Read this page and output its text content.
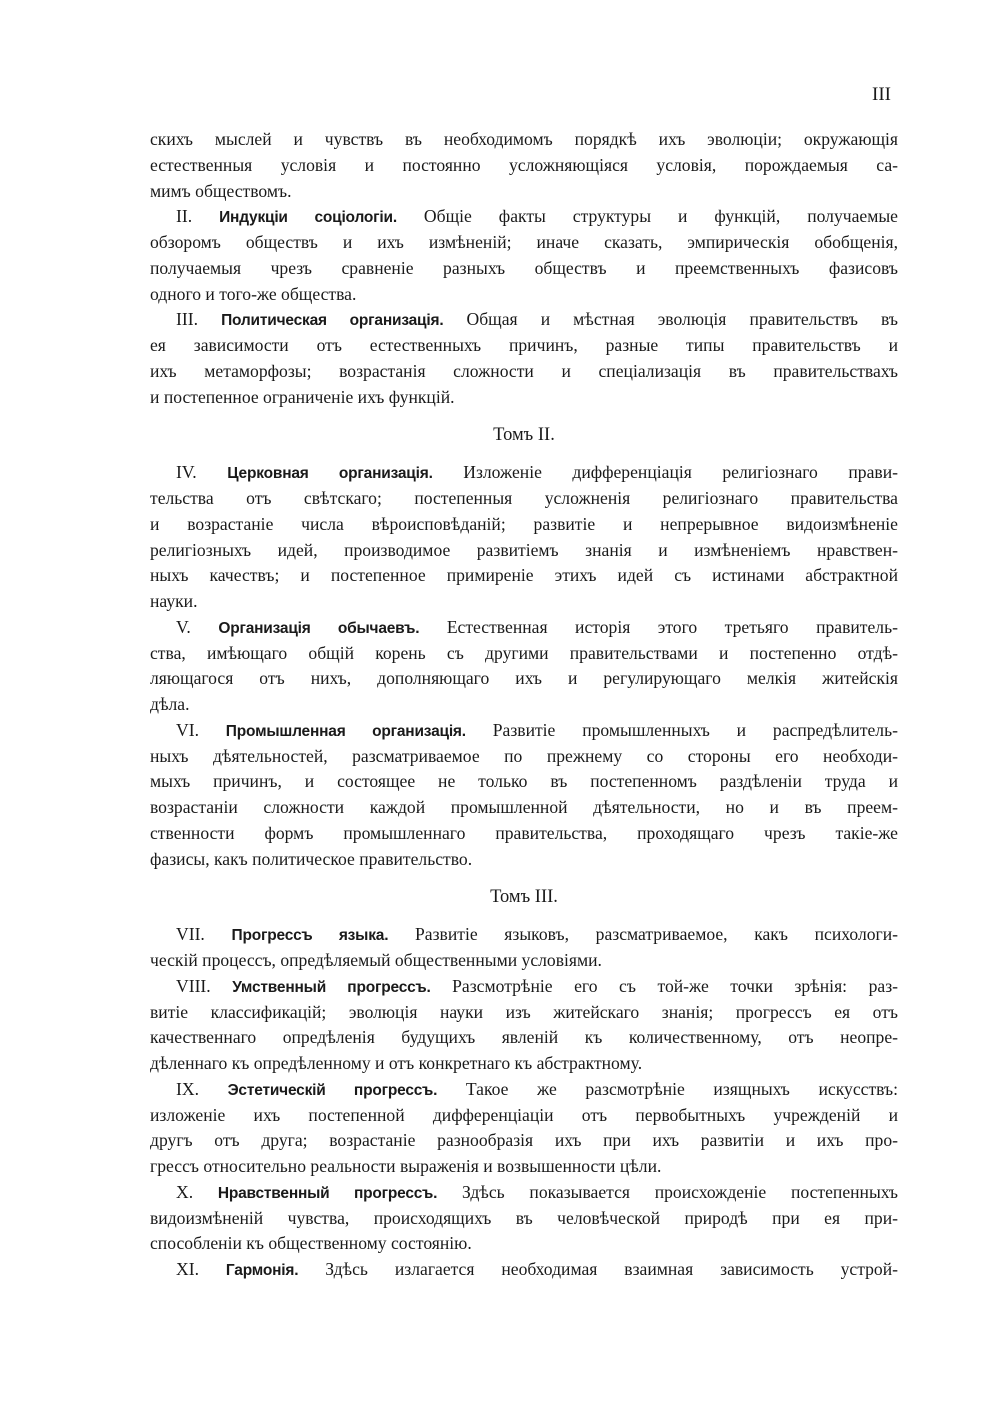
III
скихъ мыслей и чувствъ въ необходимомъ порядкѣ ихъ эволюціи; окружающія
естественныя условія и постоянно усложняющіяся условія, порождаемыя са-
мимъ обществомъ.
II. Индукціи соціологіи. Общіе факты структуры и функцій, получаемые
обзоромъ обществъ и ихъ измѣненій; иначе сказать, эмпирическія обобщенія,
получаемыя чрезъ сравненіе разныхъ обществъ и преемственныхъ фазисовъ
одного и того-же общества.
III. Политическая организація. Общая и мѣстная эволюція правительствъ въ
ея зависимости отъ естественныхъ причинъ, разные типы правительствъ и
ихъ метаморфозы; возрастанія сложности и спеціализація въ правительствахъ
и постепенное ограниченіе ихъ функцій.
Томъ II.
IV. Церковная организація. Изложеніе дифференціація религіознаго прави-
тельства отъ свѣтскаго; постепенныя усложненія религіознаго правительства
и возрастаніе числа вѣроисповѣданій; развитіе и непрерывное видоизмѣненіе
религіозныхъ идей, производимое развитіемъ знанія и измѣненіемъ нравствен-
ныхъ качествъ; и постепенное примиреніе этихъ идей съ истинами абстрактной
науки.
V. Организація обычаевъ. Естественная исторія этого третьяго правитель-
ства, имѣющаго общій корень съ другими правительствами и постепенно отдѣ-
ляющагося отъ нихъ, дополняющаго ихъ и регулирующаго мелкія житейскія
дѣла.
VI. Промышленная организація. Развитіе промышленныхъ и распредѣлитель-
ныхъ дѣятельностей, разсматриваемое по прежнему со стороны его необходи-
мыхъ причинъ, и состоящее не только въ постепенномъ раздѣленіи труда и
возрастаніи сложности каждой промышленной дѣятельности, но и въ преем-
ственности формъ промышленнаго правительства, проходящаго чрезъ такіе-же
фазисы, какъ политическое правительство.
Томъ III.
VII. Прогрессъ языка. Развитіе языковъ, разсматриваемое, какъ психологи-
ческій процессъ, опредѣляемый общественными условіями.
VIII. Умственный прогрессъ. Разсмотрѣніе его съ той-же точки зрѣнія: раз-
витіе классификацій; эволюція науки изъ житейскаго знанія; прогрессъ ея отъ
качественнаго опредѣленія будущихъ явленій къ количественному, отъ неопре-
дѣленнаго къ опредѣленному и отъ конкретнаго къ абстрактному.
IX. Эстетическій прогрессъ. Такое же разсмотрѣніе изящныхъ искусствъ:
изложеніе ихъ постепенной дифференціаціи отъ первобытныхъ учрежденій и
другъ отъ друга; возрастаніе разнообразія ихъ при ихъ развитіи и ихъ про-
грессъ относительно реальности выраженія и возвышенности цѣли.
X. Нравственный прогрессъ. Здѣсь показывается происхожденіе постепенныхъ
видоизмѣненій чувства, происходящихъ въ человѣческой природѣ при ея при-
способленіи къ общественному состоянію.
XI. Гармонія. Здѣсь излагается необходимая взаимная зависимость устрой-
